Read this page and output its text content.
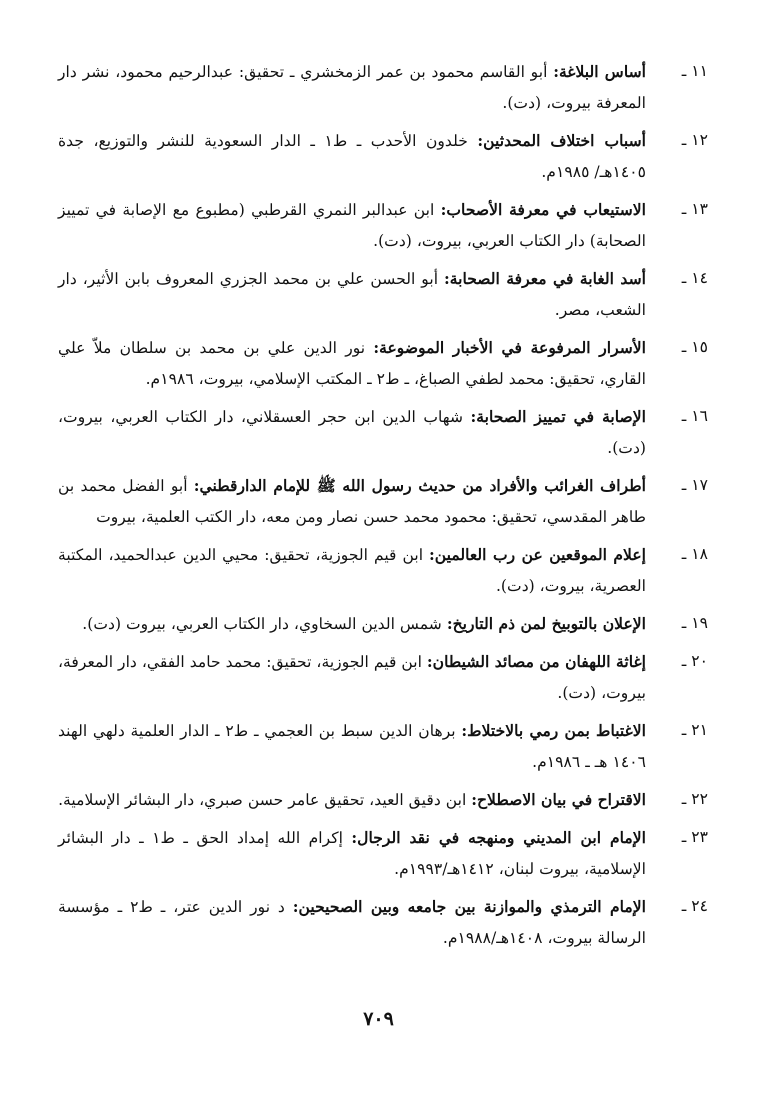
١١ ـ
أساس البلاغة: أبو القاسم محمود بن عمر الزمخشري ـ تحقيق: عبدالرحيم محمود، نشر دار المعرفة بيروت، (دت).
١٢ ـ
أسباب اختلاف المحدثين: خلدون الأحدب ـ ط١ ـ الدار السعودية للنشر والتوزيع، جدة ١٤٠٥هـ/ ١٩٨٥م.
١٣ ـ
الاستيعاب في معرفة الأصحاب: ابن عبدالبر النمري القرطبي (مطبوع مع الإصابة في تمييز الصحابة) دار الكتاب العربي، بيروت، (دت).
١٤ ـ
أسد الغابة في معرفة الصحابة: أبو الحسن علي بن محمد الجزري المعروف بابن الأثير، دار الشعب، مصر.
١٥ ـ
الأسرار المرفوعة في الأخبار الموضوعة: نور الدين علي بن محمد بن سلطان ملاّ علي القاري، تحقيق: محمد لطفي الصباغ، ـ ط٢ ـ المكتب الإسلامي، بيروت، ١٩٨٦م.
١٦ ـ
الإصابة في تمييز الصحابة: شهاب الدين ابن حجر العسقلاني، دار الكتاب العربي، بيروت، (دت).
١٧ ـ
أطراف الغرائب والأفراد من حديث رسول الله ﷺ للإمام الدارقطني: أبو الفضل محمد بن طاهر المقدسي، تحقيق: محمود محمد حسن نصار ومن معه، دار الكتب العلمية، بيروت
١٨ ـ
إعلام الموقعين عن رب العالمين: ابن قيم الجوزية، تحقيق: محيي الدين عبدالحميد، المكتبة العصرية، بيروت، (دت).
١٩ ـ
الإعلان بالتوبيخ لمن ذم التاريخ: شمس الدين السخاوي، دار الكتاب العربي، بيروت (دت).
٢٠ ـ
إغاثة اللهفان من مصائد الشيطان: ابن قيم الجوزية، تحقيق: محمد حامد الفقي، دار المعرفة، بيروت، (دت).
٢١ ـ
الاغتباط بمن رمي بالاختلاط: برهان الدين سبط بن العجمي ـ ط٢ ـ الدار العلمية دلهي الهند ١٤٠٦ هـ ـ ١٩٨٦م.
٢٢ ـ
الاقتراح في بيان الاصطلاح: ابن دقيق العيد، تحقيق عامر حسن صبري، دار البشائر الإسلامية.
٢٣ ـ
الإمام ابن المديني ومنهجه في نقد الرجال: إكرام الله إمداد الحق ـ ط١ ـ دار البشائر الإسلامية، بيروت لبنان، ١٤١٢هـ/١٩٩٣م.
٢٤ ـ
الإمام الترمذي والموازنة بين جامعه وبين الصحيحين: د نور الدين عتر، ـ ط٢ ـ مؤسسة الرسالة بيروت، ١٤٠٨هـ/١٩٨٨م.
٧٠٩
